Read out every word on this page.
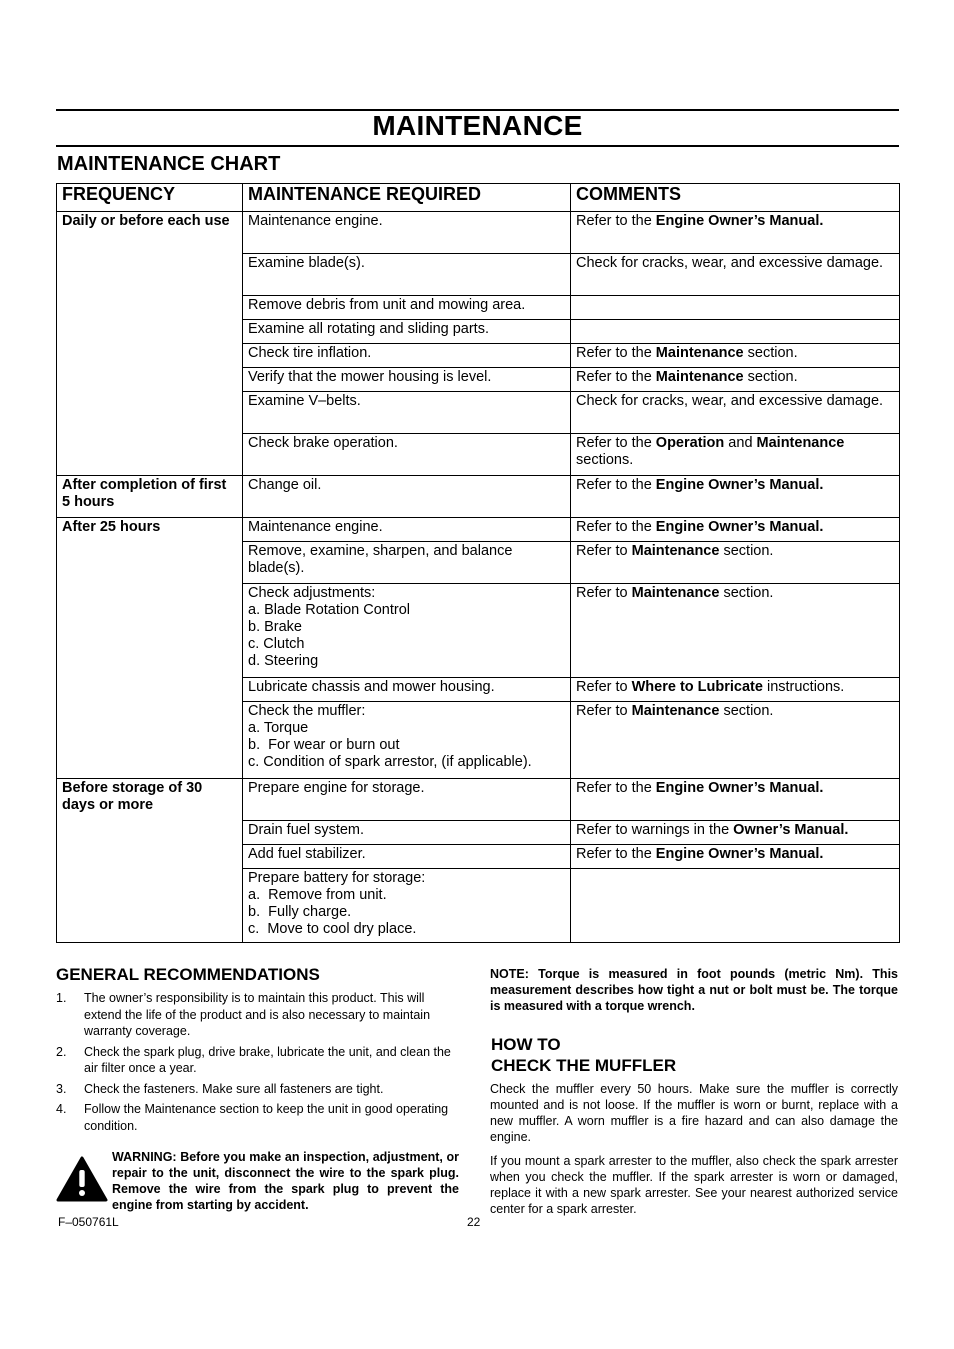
MAINTENANCE
MAINTENANCE CHART
FREQUENCY	MAINTENANCE REQUIRED	COMMENTS
Daily or before each use	Maintenance engine.	Refer to the Engine Owner’s Manual.

	Examine blade(s).	Check for cracks, wear, and excessive damage.

	Remove debris from unit and mowing area.	

	Examine all rotating and sliding parts.	

	Check tire inflation.	Refer to the Maintenance section.

	Verify that the mower housing is level.	Refer to the Maintenance section.

	Examine V–belts.	Check for cracks, wear, and excessive damage.

	Check brake operation.	Refer to the Operation and Maintenance sections.
After completion of first 5 hours	Change oil.	Refer to the Engine Owner’s Manual.
After 25 hours	Maintenance engine.	Refer to the Engine Owner’s Manual.

	Remove, examine, sharpen, and balance blade(s).	Refer to Maintenance section.

	Check adjustments:
a. Blade Rotation Control
b. Brake
c. Clutch
d. Steering	Refer to Maintenance section.

	Lubricate chassis and mower housing.	Refer to Where to Lubricate instructions.

	Check the muffler:
a. Torque
b.  For wear or burn out
c. Condition of spark arrestor, (if applicable).	Refer to Maintenance section.
Before storage of 30 days or more	Prepare engine for storage.	Refer to the Engine Owner’s Manual.

	Drain fuel system.	Refer to warnings in the Owner’s Manual.

	Add fuel stabilizer.	Refer to the Engine Owner’s Manual.

	Prepare battery for storage:
a.  Remove from unit.
b.  Fully charge.
c.  Move to cool dry place.	

GENERAL RECOMMENDATIONS
1. The owner’s responsibility is to maintain this product. This will extend the life of the product and is also necessary to maintain warranty coverage.
2. Check the spark plug, drive brake, lubricate the unit, and clean the air filter once a year.
3. Check the fasteners. Make sure all fasteners are tight.
4. Follow the Maintenance section to keep the unit in good operating condition.
WARNING: Before you make an inspection, adjustment, or repair to the unit, disconnect the wire to the spark plug. Remove the wire from the spark plug to prevent the engine from starting by accident.
NOTE: Torque is measured in foot pounds (metric Nm). This measurement describes how tight a nut or bolt must be. The torque is measured with a torque wrench.
HOW TO
CHECK THE MUFFLER

Check the muffler every 50 hours. Make sure the muffler is correctly mounted and is not loose. If the muffler is worn or burnt, replace with a new muffler. A worn muffler is a fire hazard and can also damage the engine.

If you mount a spark arrester to the muffler, also check the spark arrester when you check the muffler. If the spark arrester is worn or damaged, replace it with a new spark arrester. See your nearest authorized service center for a spark arrester.

F–050761L	22
